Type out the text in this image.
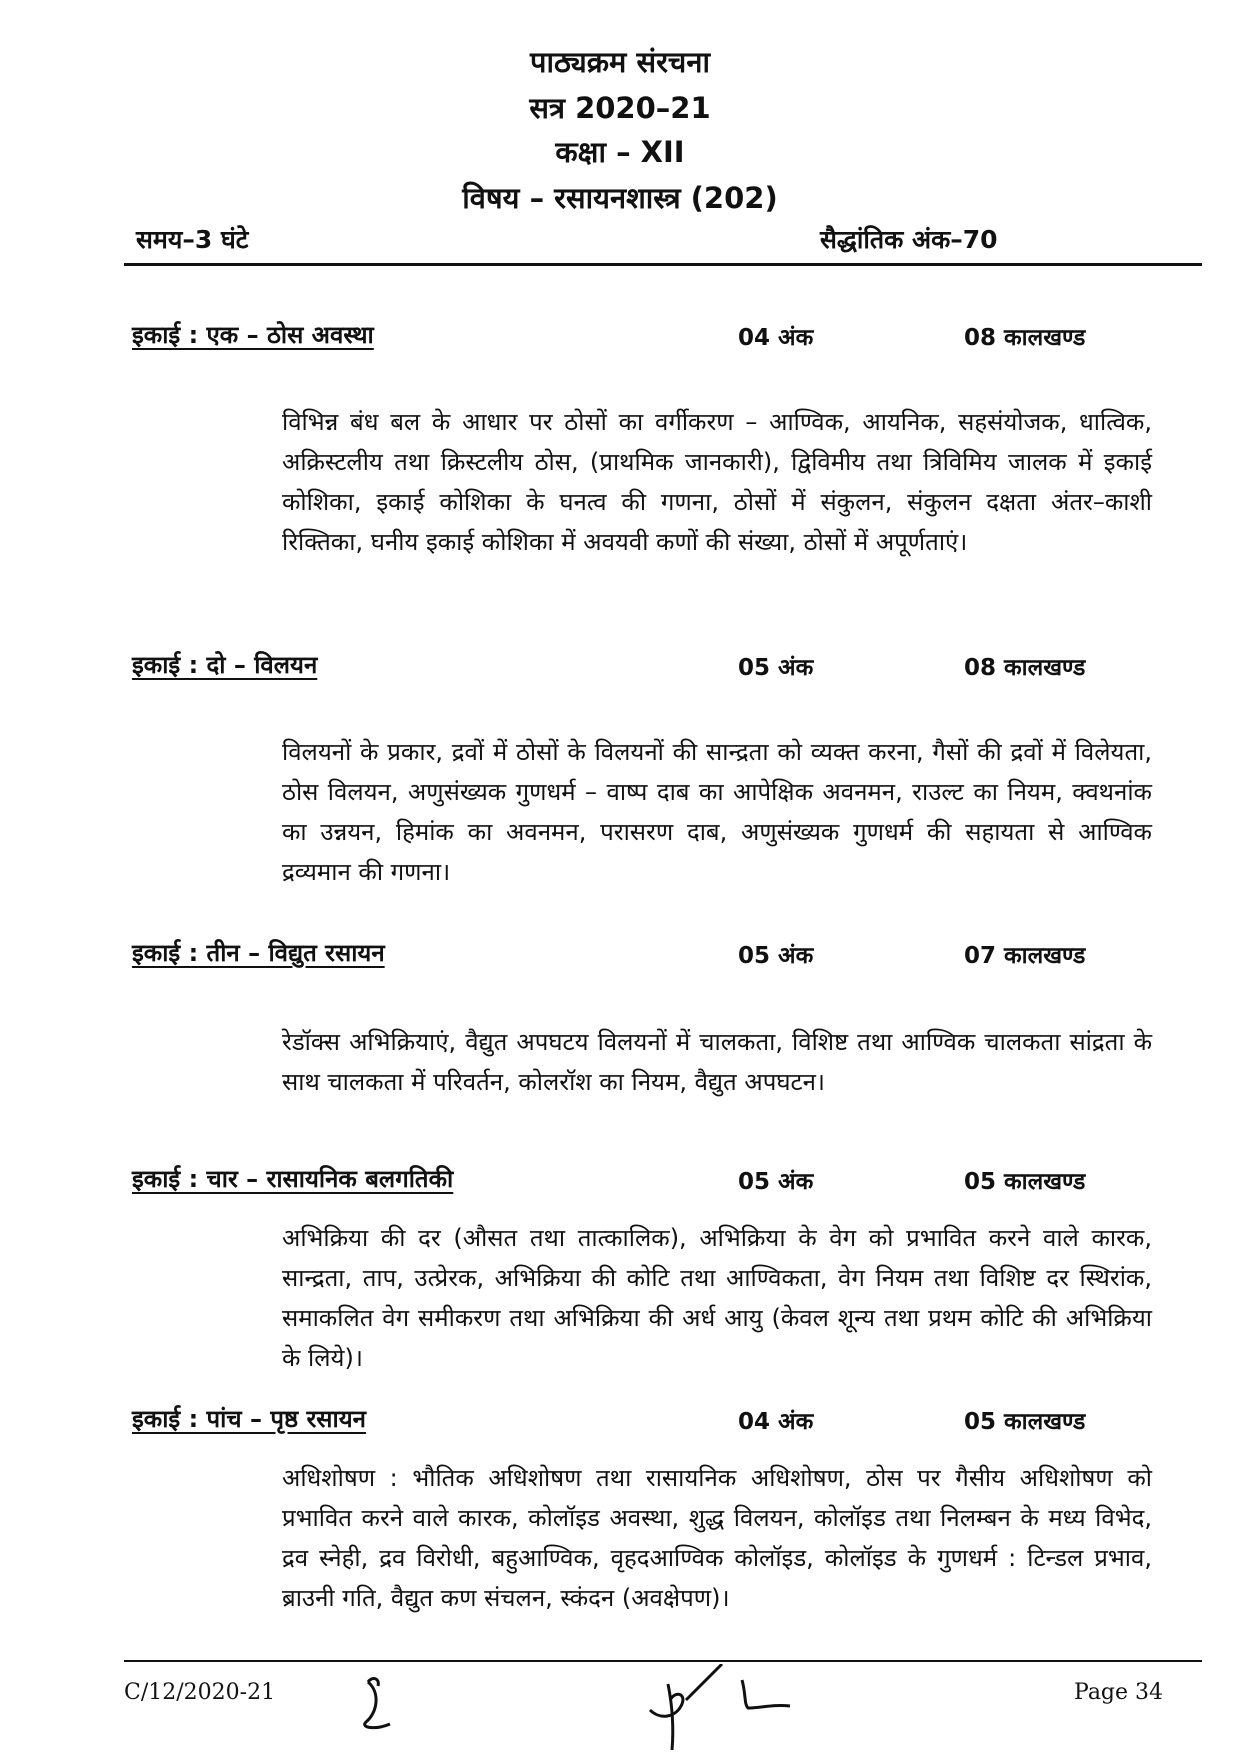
पाठ्यक्रम संरचना
सत्र 2020–21
कक्षा – XII
विषय – रसायनशास्त्र (202)
समय–3 घंटे	सैद्धांतिक अंक–70
इकाई : एक – ठोस अवस्था	04 अंक	08 कालखण्ड
विभिन्न बंध बल के आधार पर ठोसों का वर्गीकरण – आण्विक, आयनिक, सहसंयोजक, धात्विक, अक्रिस्टलीय तथा क्रिस्टलीय ठोस, (प्राथमिक जानकारी), द्विविमीय तथा त्रिविमिय जालक में इकाई कोशिका, इकाई कोशिका के घनत्व की गणना, ठोसों में संकुलन, संकुलन दक्षता अंतर–काशी रिक्तिका, घनीय इकाई कोशिका में अवयवी कणों की संख्या, ठोसों में अपूर्णताएं।
इकाई : दो – विलयन	05 अंक	08 कालखण्ड
विलयनों के प्रकार, द्रवों में ठोसों के विलयनों की सान्द्रता को व्यक्त करना, गैसों की द्रवों में विलेयता, ठोस विलयन, अणुसंख्यक गुणधर्म – वाष्प दाब का आपेक्षिक अवनमन, राउल्ट का नियम, क्वथनांक का उन्नयन, हिमांक का अवनमन, परासरण दाब, अणुसंख्यक गुणधर्म की सहायता से आण्विक द्रव्यमान की गणना।
इकाई : तीन – विद्युत रसायन	05 अंक	07 कालखण्ड
रेडॉक्स अभिक्रियाएं, वैद्युत अपघटय विलयनों में चालकता, विशिष्ट तथा आण्विक चालकता सांद्रता के साथ चालकता में परिवर्तन, कोलरॉश का नियम, वैद्युत अपघटन।
इकाई : चार – रासायनिक बलगतिकी	05 अंक	05 कालखण्ड
अभिक्रिया की दर (औसत तथा तात्कालिक), अभिक्रिया के वेग को प्रभावित करने वाले कारक, सान्द्रता, ताप, उत्प्रेरक, अभिक्रिया की कोटि तथा आण्विकता, वेग नियम तथा विशिष्ट दर स्थिरांक, समाकलित वेग समीकरण तथा अभिक्रिया की अर्ध आयु (केवल शून्य तथा प्रथम कोटि की अभिक्रिया के लिये)।
इकाई : पांच – पृष्ठ रसायन	04 अंक	05 कालखण्ड
अधिशोषण : भौतिक अधिशोषण तथा रासायनिक अधिशोषण, ठोस पर गैसीय अधिशोषण को प्रभावित करने वाले कारक, कोलॉइड अवस्था, शुद्ध विलयन, कोलॉइड तथा निलम्बन के मध्य विभेद, द्रव स्नेही, द्रव विरोधी, बहुआण्विक, वृहदआण्विक कोलॉइड, कोलॉइड के गुणधर्म : टिन्डल प्रभाव, ब्राउनी गति, वैद्युत कण संचलन, स्कंदन (अवक्षेपण)।
C/12/2020-21	Page 34
